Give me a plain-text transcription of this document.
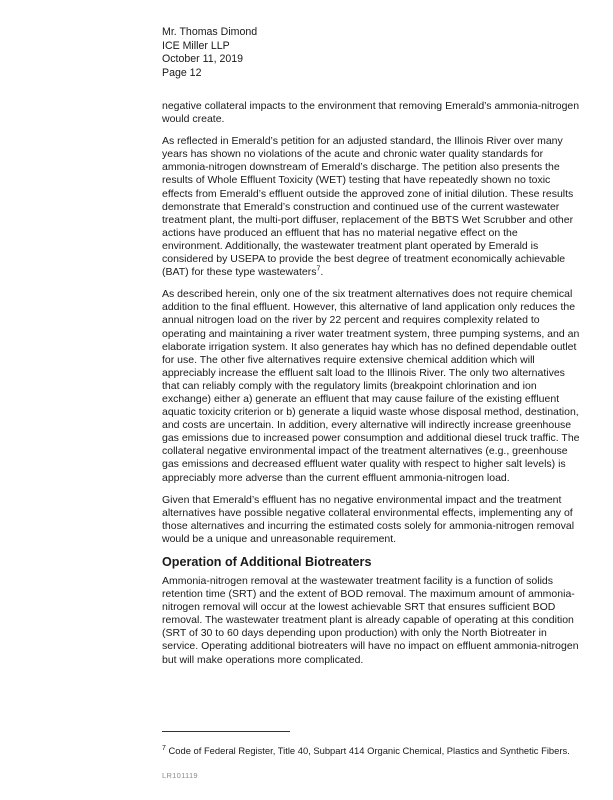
Mr. Thomas Dimond
ICE Miller LLP
October 11, 2019
Page 12

negative collateral impacts to the environment that removing Emerald’s ammonia-nitrogen would create.

As reflected in Emerald’s petition for an adjusted standard, the Illinois River over many years has shown no violations of the acute and chronic water quality standards for ammonia-nitrogen downstream of Emerald’s discharge. The petition also presents the results of Whole Effluent Toxicity (WET) testing that have repeatedly shown no toxic effects from Emerald’s effluent outside the approved zone of initial dilution. These results demonstrate that Emerald’s construction and continued use of the current wastewater treatment plant, the multi-port diffuser, replacement of the BBTS Wet Scrubber and other actions have produced an effluent that has no material negative effect on the environment. Additionally, the wastewater treatment plant operated by Emerald is considered by USEPA to provide the best degree of treatment economically achievable (BAT) for these type wastewaters$^7$.

As described herein, only one of the six treatment alternatives does not require chemical addition to the final effluent. However, this alternative of land application only reduces the annual nitrogen load on the river by 22 percent and requires complexity related to operating and maintaining a river water treatment system, three pumping systems, and an elaborate irrigation system. It also generates hay which has no defined dependable outlet for use. The other five alternatives require extensive chemical addition which will appreciably increase the effluent salt load to the Illinois River. The only two alternatives that can reliably comply with the regulatory limits (breakpoint chlorination and ion exchange) either a) generate an effluent that may cause failure of the existing effluent aquatic toxicity criterion or b) generate a liquid waste whose disposal method, destination, and costs are uncertain. In addition, every alternative will indirectly increase greenhouse gas emissions due to increased power consumption and additional diesel truck traffic. The collateral negative environmental impact of the treatment alternatives (e.g., greenhouse gas emissions and decreased effluent water quality with respect to higher salt levels) is appreciably more adverse than the current effluent ammonia-nitrogen load.

Given that Emerald’s effluent has no negative environmental impact and the treatment alternatives have possible negative collateral environmental effects, implementing any of those alternatives and incurring the estimated costs solely for ammonia-nitrogen removal would be a unique and unreasonable requirement.

Operation of Additional Biotreaters

Ammonia-nitrogen removal at the wastewater treatment facility is a function of solids retention time (SRT) and the extent of BOD removal. The maximum amount of ammonia-nitrogen removal will occur at the lowest achievable SRT that ensures sufficient BOD removal. The wastewater treatment plant is already capable of operating at this condition (SRT of 30 to 60 days depending upon production) with only the North Biotreater in service. Operating additional biotreaters will have no impact on effluent ammonia-nitrogen but will make operations more complicated.

$^7$ Code of Federal Register, Title 40, Subpart 414 Organic Chemical, Plastics and Synthetic Fibers.
LR101119
